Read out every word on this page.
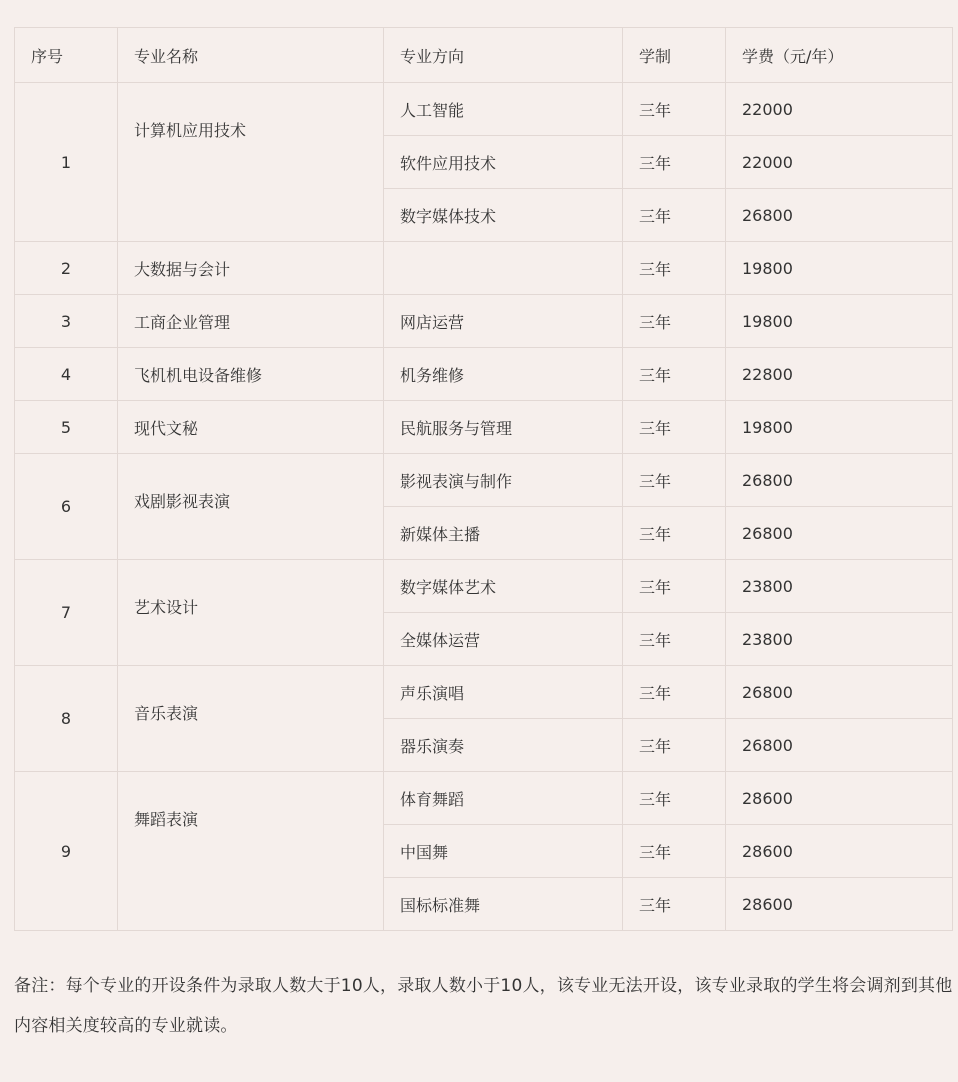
序号	专业名称	专业方向	学制	学费（元/年）
1	计算机应用技术	人工智能	三年	22000
		软件应用技术	三年	22000
		数字媒体技术	三年	26800
2	大数据与会计		三年	19800
3	工商企业管理	网店运营	三年	19800
4	飞机机电设备维修	机务维修	三年	22800
5	现代文秘	民航服务与管理	三年	19800
6	戏剧影视表演	影视表演与制作	三年	26800
		新媒体主播	三年	26800
7	艺术设计	数字媒体艺术	三年	23800
		全媒体运营	三年	23800
8	音乐表演	声乐演唱	三年	26800
		器乐演奏	三年	26800
9	舞蹈表演	体育舞蹈	三年	28600
		中国舞	三年	28600
		国标标准舞	三年	28600
备注：每个专业的开设条件为录取人数大于10人，录取人数小于10人，该专业无法开设，该专业录取的学生将会调剂到其他内容相关度较高的专业就读。
